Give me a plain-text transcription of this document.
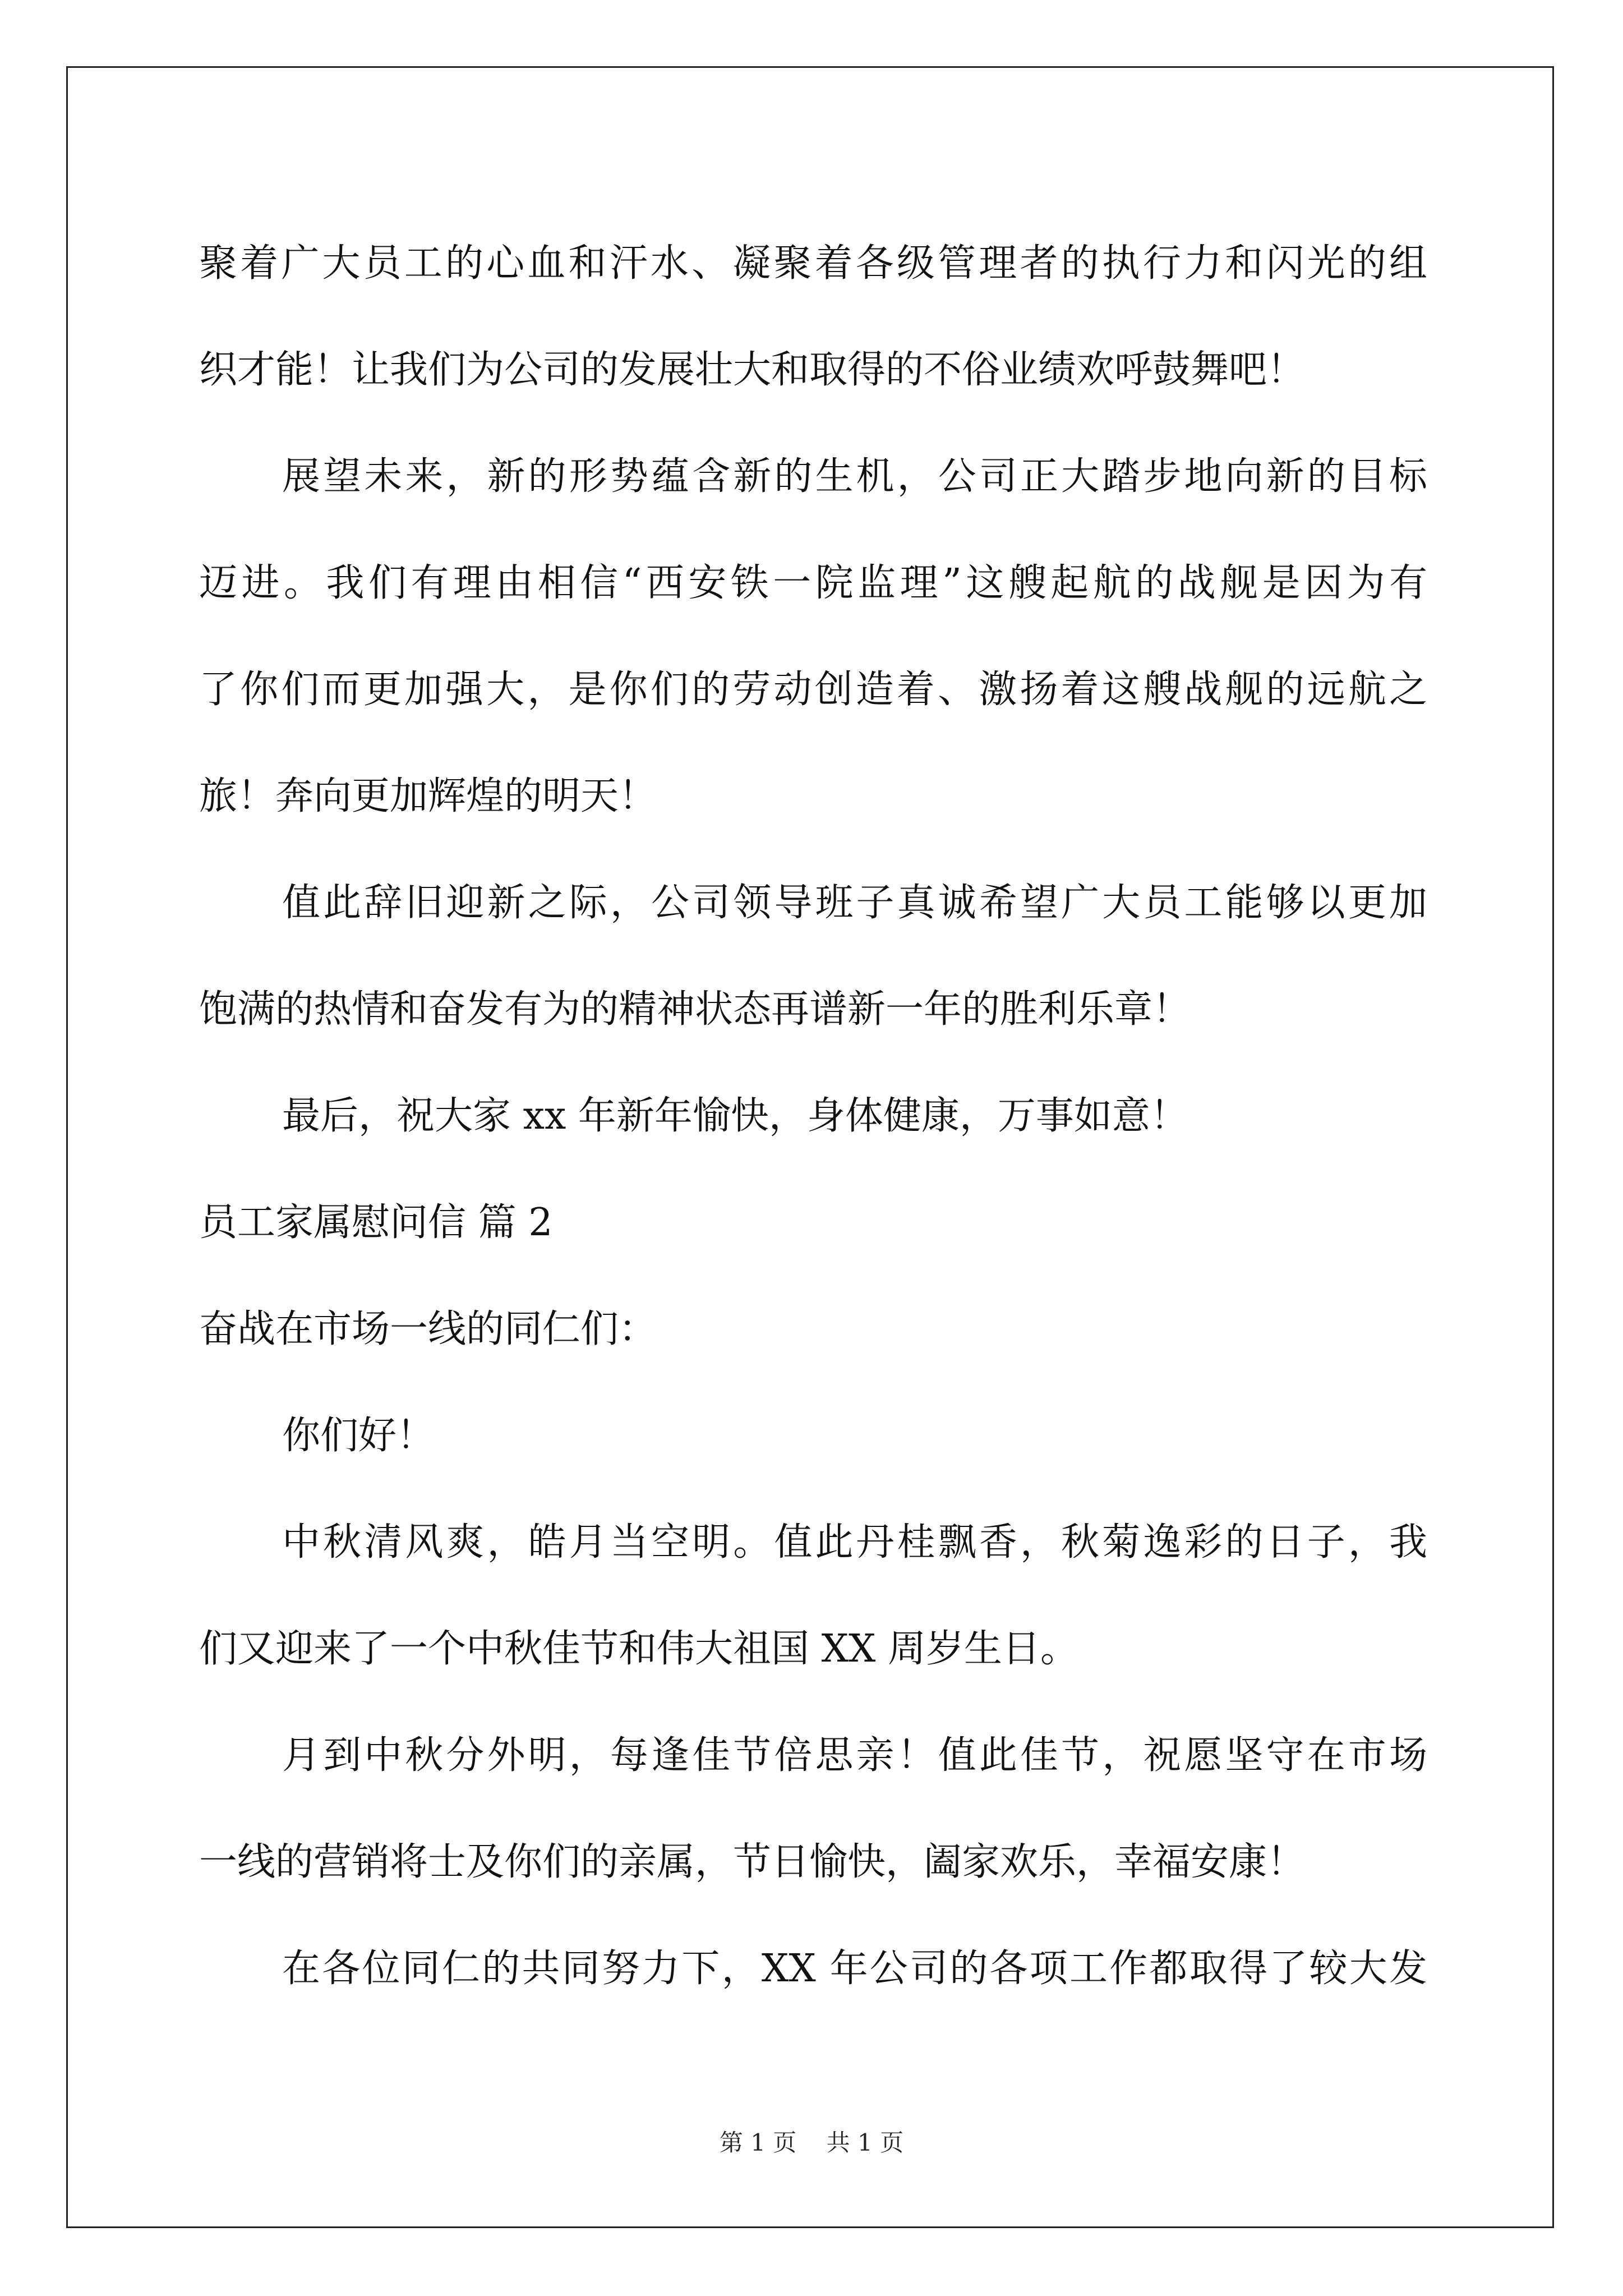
聚着广大员工的心血和汗水、凝聚着各级管理者的执行力和闪光的组
织才能！让我们为公司的发展壮大和取得的不俗业绩欢呼鼓舞吧！
展望未来，新的形势蕴含新的生机，公司正大踏步地向新的目标
迈进。我们有理由相信“西安铁一院监理”这艘起航的战舰是因为有
了你们而更加强大，是你们的劳动创造着、激扬着这艘战舰的远航之
旅！奔向更加辉煌的明天！
值此辞旧迎新之际，公司领导班子真诚希望广大员工能够以更加
饱满的热情和奋发有为的精神状态再谱新一年的胜利乐章！
最后，祝大家 xx 年新年愉快，身体健康，万事如意！
员工家属慰问信 篇 2
奋战在市场一线的同仁们：
你们好！
中秋清风爽，皓月当空明。值此丹桂飘香，秋菊逸彩的日子，我
们又迎来了一个中秋佳节和伟大祖国 XX 周岁生日。
月到中秋分外明，每逢佳节倍思亲！值此佳节，祝愿坚守在市场
一线的营销将士及你们的亲属，节日愉快，阖家欢乐，幸福安康！
在各位同仁的共同努力下，XX 年公司的各项工作都取得了较大发
第 1 页 共 1 页
